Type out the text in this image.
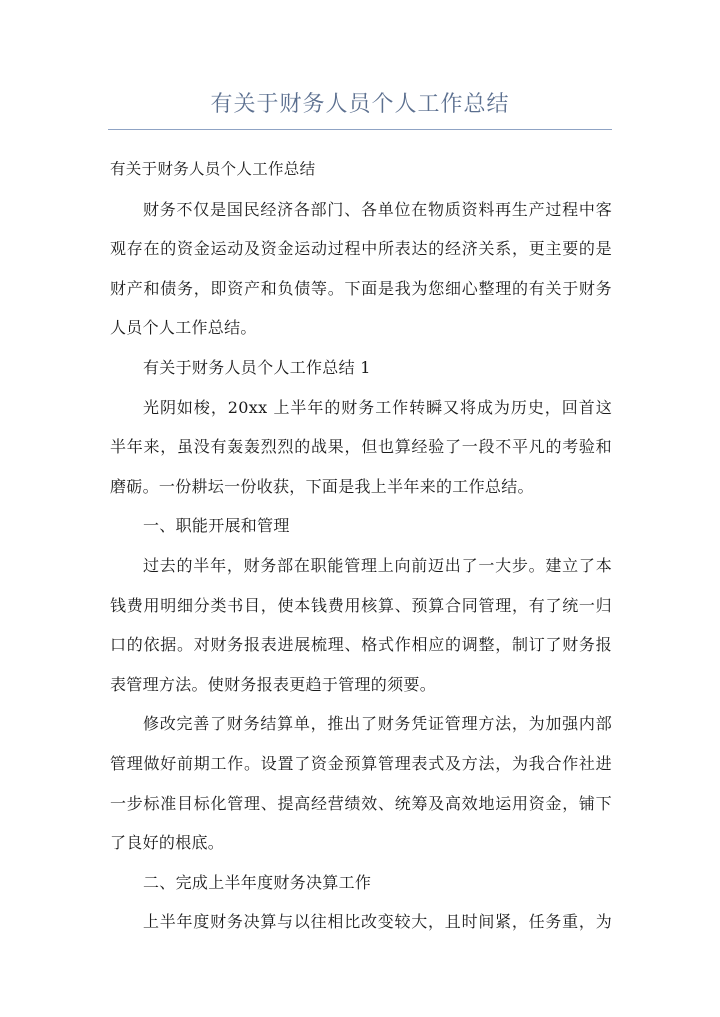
有关于财务人员个人工作总结
有关于财务人员个人工作总结
财务不仅是国民经济各部门、各单位在物质资料再生产过程中客
观存在的资金运动及资金运动过程中所表达的经济关系，更主要的是
财产和债务，即资产和负债等。下面是我为您细心整理的有关于财务
人员个人工作总结。
有关于财务人员个人工作总结 1
光阴如梭，20xx 上半年的财务工作转瞬又将成为历史，回首这
半年来，虽没有轰轰烈烈的战果，但也算经验了一段不平凡的考验和
磨砺。一份耕坛一份收获，下面是我上半年来的工作总结。
一、职能开展和管理
过去的半年，财务部在职能管理上向前迈出了一大步。建立了本
钱费用明细分类书目，使本钱费用核算、预算合同管理，有了统一归
口的依据。对财务报表进展梳理、格式作相应的调整，制订了财务报
表管理方法。使财务报表更趋于管理的须要。
修改完善了财务结算单，推出了财务凭证管理方法，为加强内部
管理做好前期工作。设置了资金预算管理表式及方法，为我合作社进
一步标准目标化管理、提高经营绩效、统筹及高效地运用资金，铺下
了良好的根底。
二、完成上半年度财务决算工作
上半年度财务决算与以往相比改变较大，且时间紧，任务重，为
